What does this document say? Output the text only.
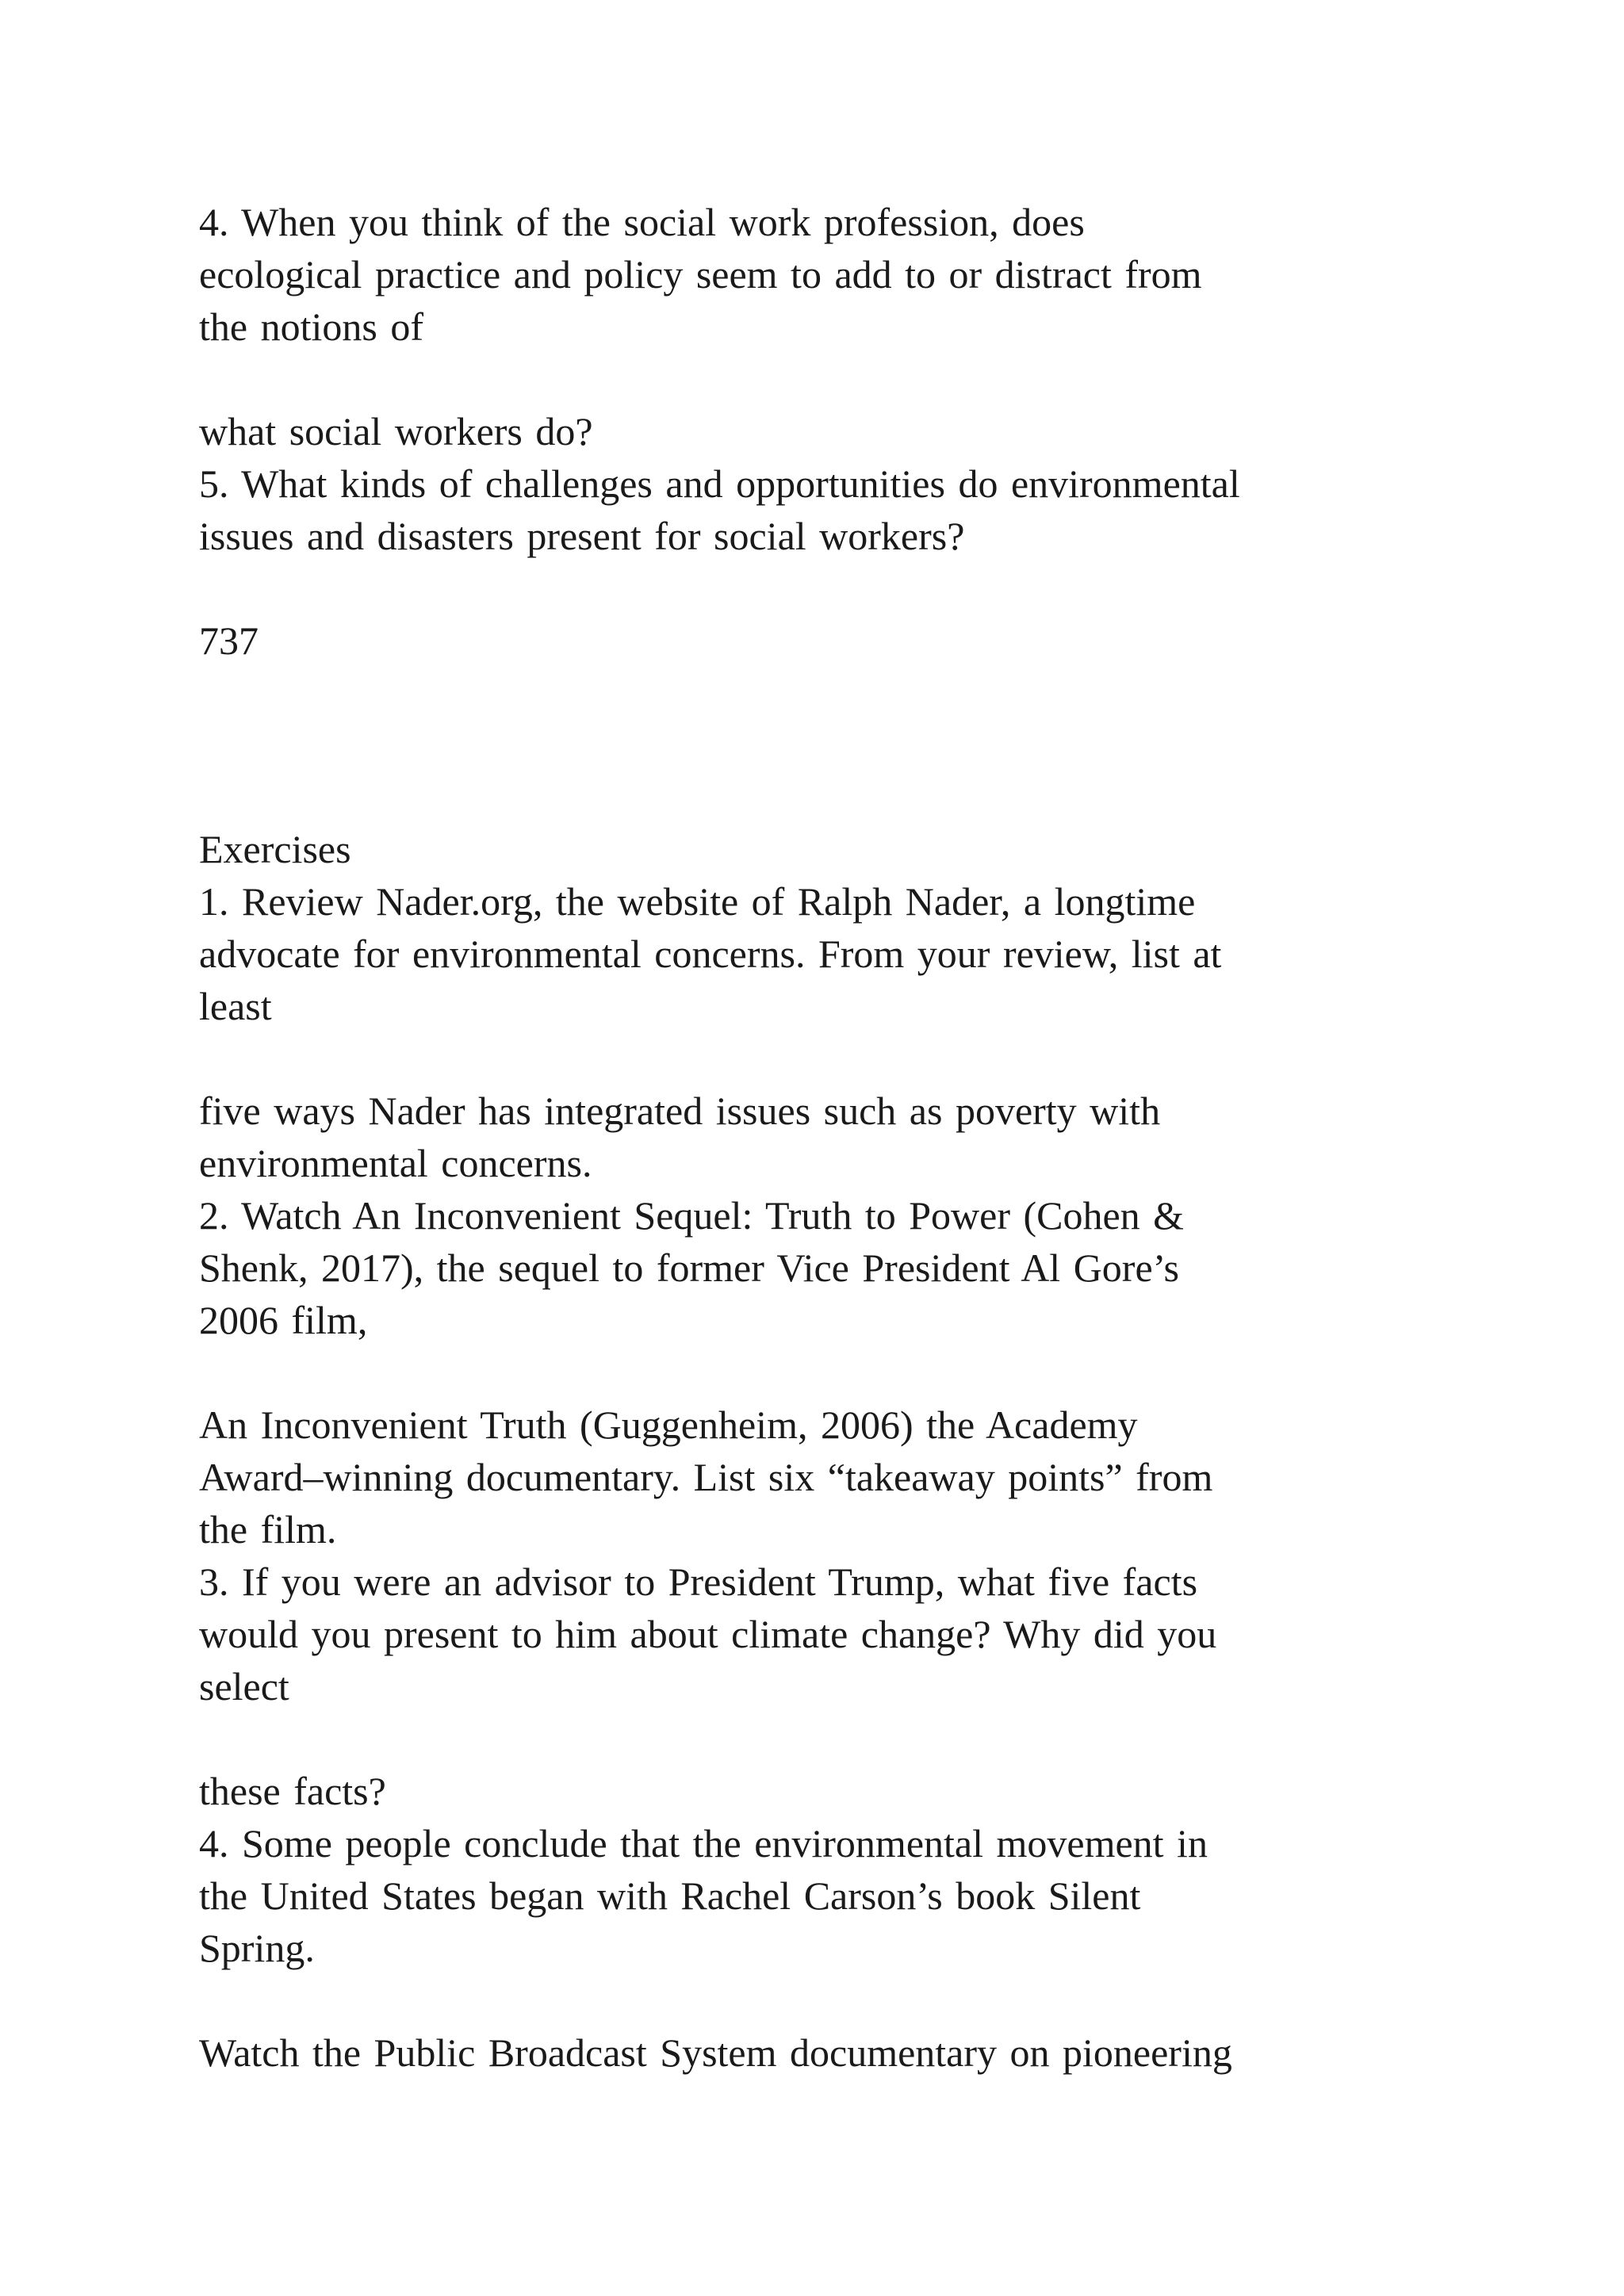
4. When you think of the social work profession, does
ecological practice and policy seem to add to or distract from
the notions of
what social workers do?
5. What kinds of challenges and opportunities do environmental
issues and disasters present for social workers?
737
Exercises
1. Review Nader.org, the website of Ralph Nader, a longtime
advocate for environmental concerns. From your review, list at
least
five ways Nader has integrated issues such as poverty with
environmental concerns.
2. Watch An Inconvenient Sequel: Truth to Power (Cohen &
Shenk, 2017), the sequel to former Vice President Al Gore’s
2006 film,
An Inconvenient Truth (Guggenheim, 2006) the Academy
Award–winning documentary. List six “takeaway points” from
the film.
3. If you were an advisor to President Trump, what five facts
would you present to him about climate change? Why did you
select
these facts?
4. Some people conclude that the environmental movement in
the United States began with Rachel Carson’s book Silent
Spring.
Watch the Public Broadcast System documentary on pioneering
